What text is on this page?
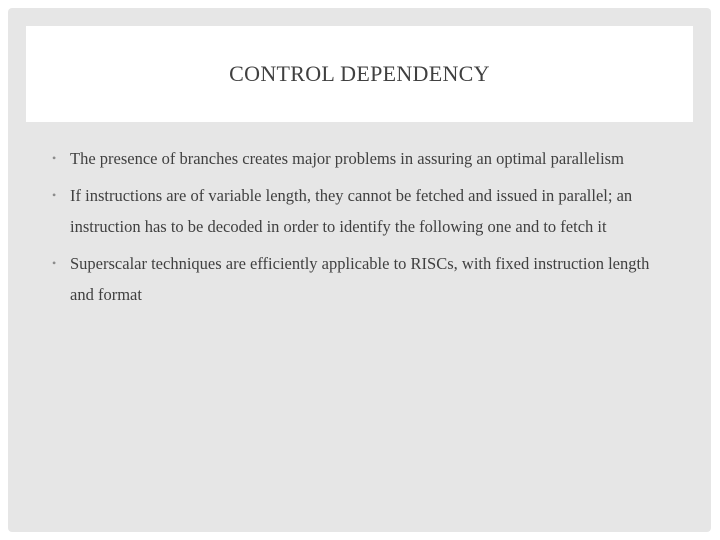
CONTROL DEPENDENCY
• The presence of branches creates major problems in assuring an optimal parallelism
• If instructions are of variable length, they cannot be fetched and issued in parallel; an instruction has to be decoded in order to identify the following one and to fetch it
• Superscalar techniques are efficiently applicable to RISCs, with fixed instruction length and format
